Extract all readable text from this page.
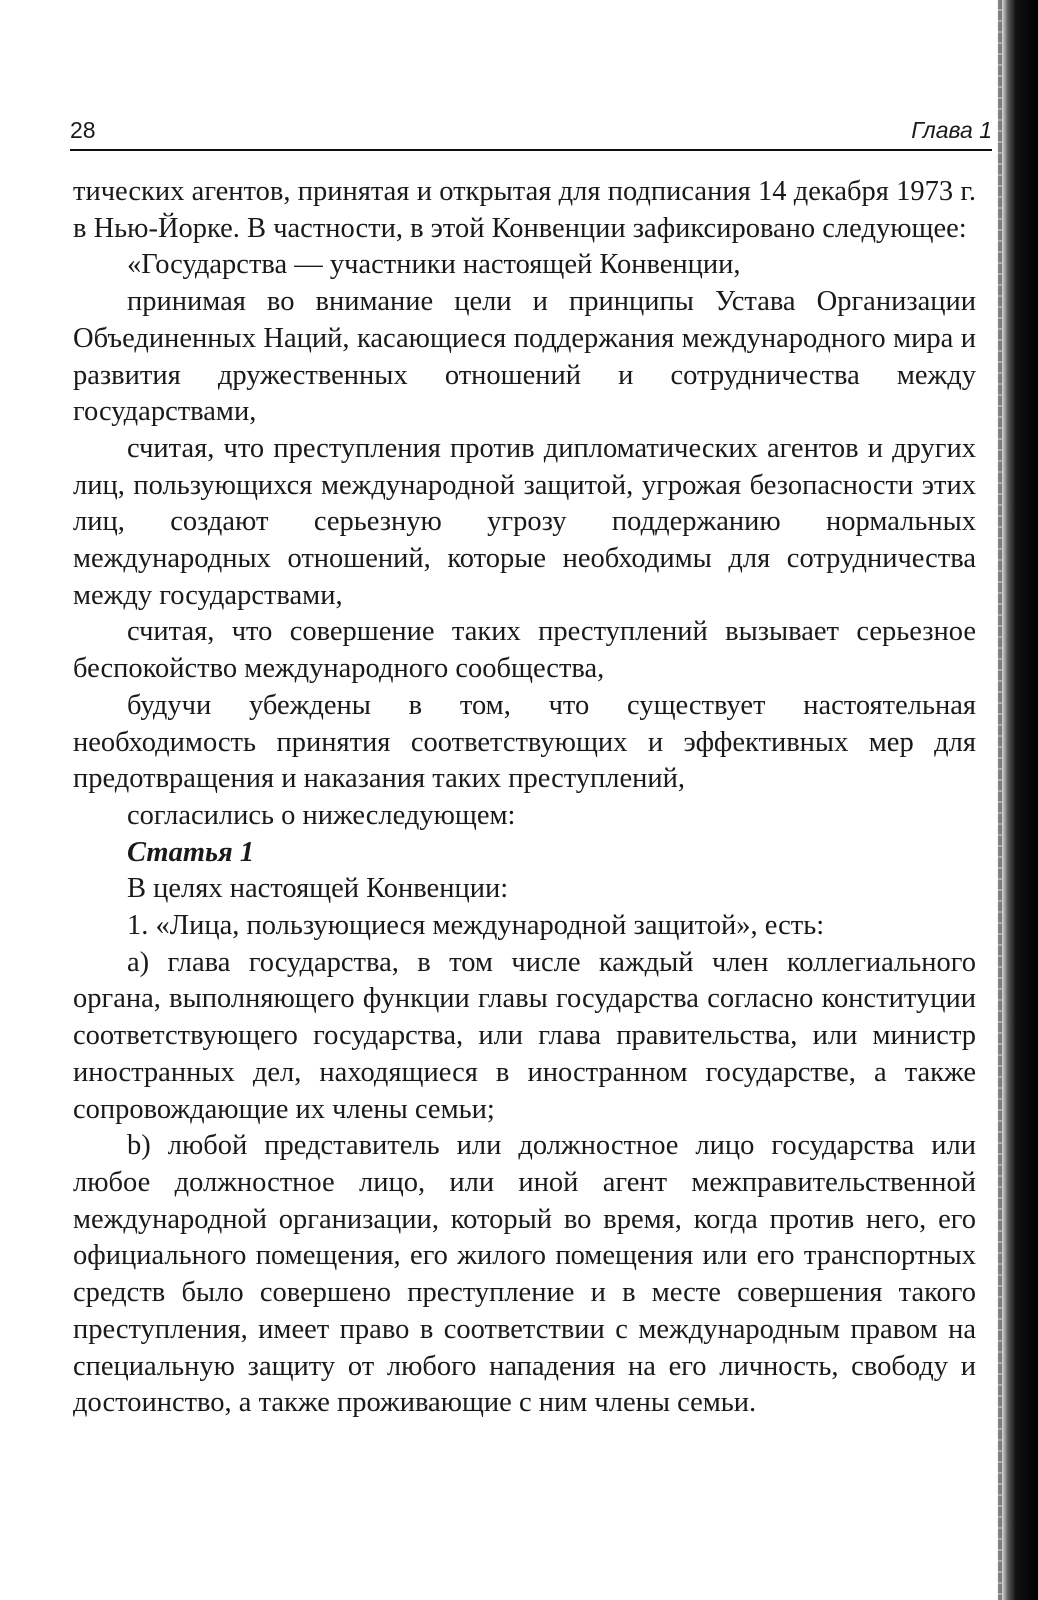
28	Глава 1

тических агентов, принятая и открытая для подписания 14 декабря 1973 г. в Нью-Йорке. В частности, в этой Конвенции зафиксировано следующее:

«Государства — участники настоящей Конвенции,

принимая во внимание цели и принципы Устава Организации Объединенных Наций, касающиеся поддержания международного мира и развития дружественных отношений и сотрудничества между государствами,

считая, что преступления против дипломатических агентов и других лиц, пользующихся международной защитой, угрожая безопасности этих лиц, создают серьезную угрозу поддержанию нормальных международных отношений, которые необходимы для сотрудничества между государствами,

считая, что совершение таких преступлений вызывает серьезное беспокойство международного сообщества,

будучи убеждены в том, что существует настоятельная необходимость принятия соответствующих и эффективных мер для предотвращения и наказания таких преступлений,

согласились о нижеследующем:

Статья 1

В целях настоящей Конвенции:

1. «Лица, пользующиеся международной защитой», есть:

a) глава государства, в том числе каждый член коллегиального органа, выполняющего функции главы государства согласно конституции соответствующего государства, или глава правительства, или министр иностранных дел, находящиеся в иностранном государстве, а также сопровождающие их члены семьи;

b) любой представитель или должностное лицо государства или любое должностное лицо, или иной агент межправительственной международной организации, который во время, когда против него, его официального помещения, его жилого помещения или его транспортных средств было совершено преступление и в месте совершения такого преступления, имеет право в соответствии с международным правом на специальную защиту от любого нападения на его личность, свободу и достоинство, а также проживающие с ним члены семьи.
